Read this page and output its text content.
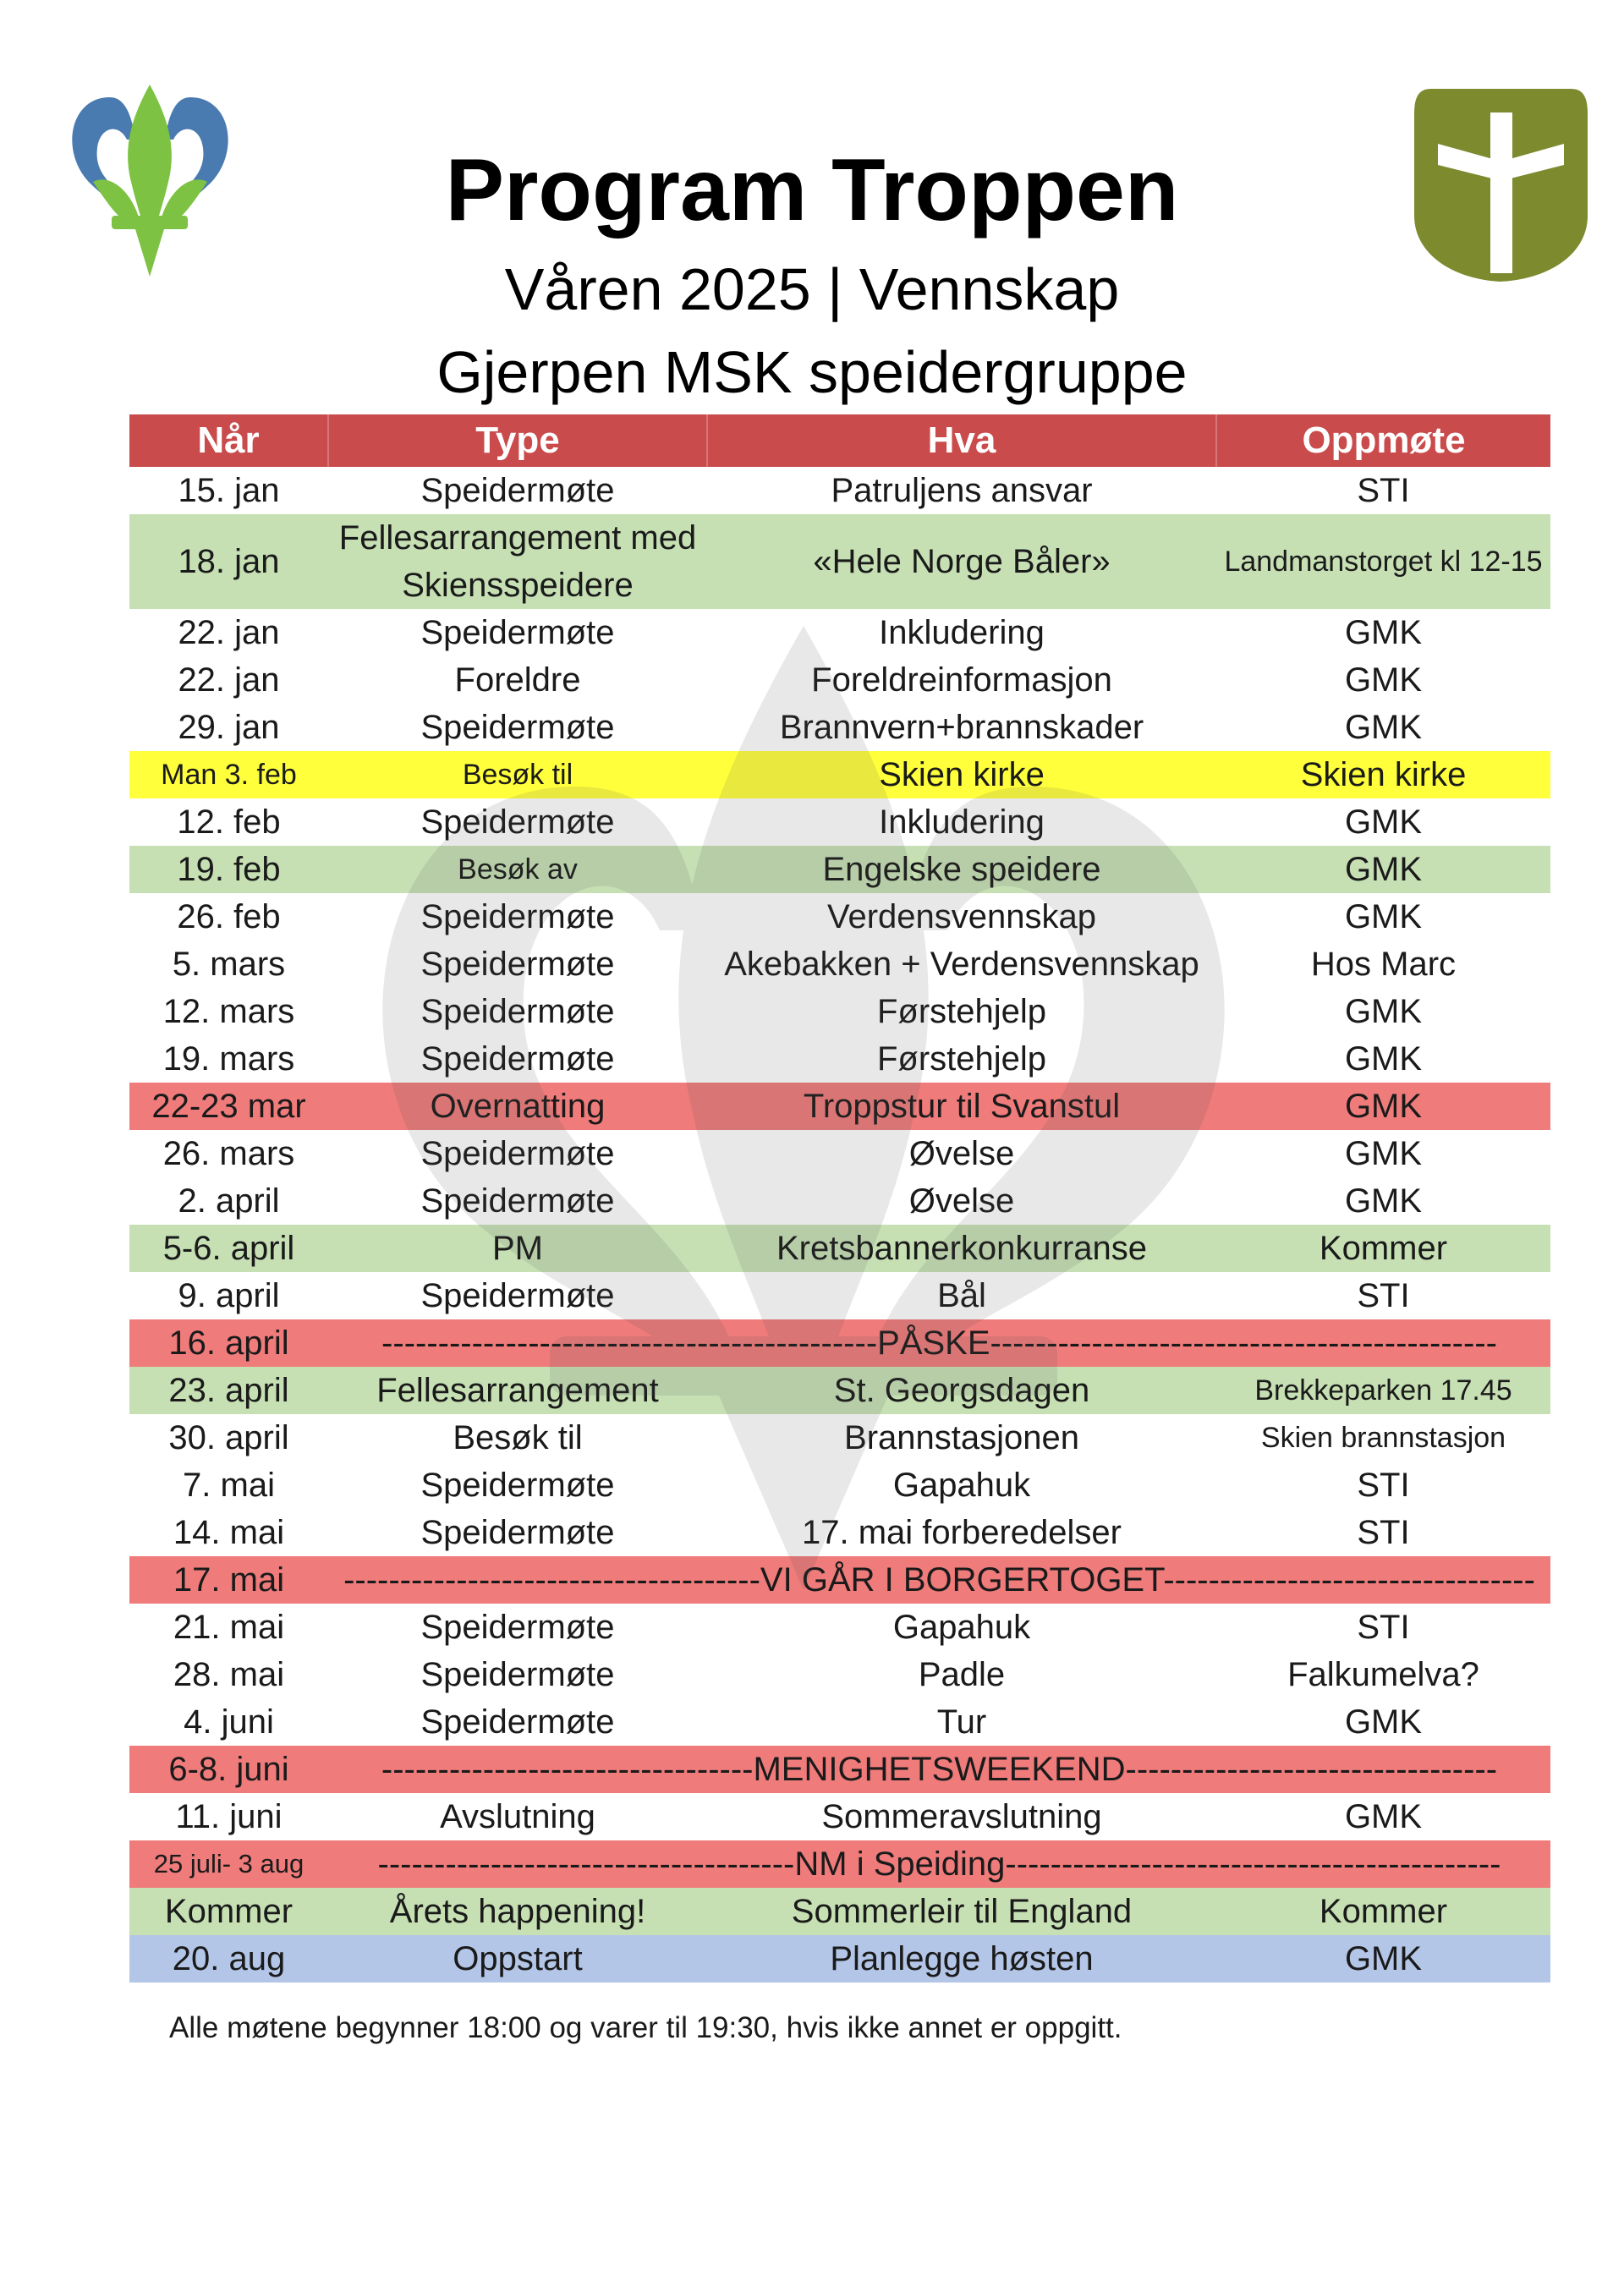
Program Troppen
Våren 2025 | Vennskap
Gjerpen MSK speidergruppe
Når	Type	Hva	Oppmøte
15. jan	Speidermøte	Patruljens ansvar	STI
18. jan	Fellesarrangement med Skiensspeidere	«Hele Norge Båler»	Landmanstorget kl 12-15
22. jan	Speidermøte	Inkludering	GMK
22. jan	Foreldre	Foreldreinformasjon	GMK
29. jan	Speidermøte	Brannvern+brannskader	GMK
Man 3. feb	Besøk til	Skien kirke	Skien kirke
12. feb	Speidermøte	Inkludering	GMK
19. feb	Besøk av	Engelske speidere	GMK
26. feb	Speidermøte	Verdensvennskap	GMK
5. mars	Speidermøte	Akebakken + Verdensvennskap	Hos Marc
12. mars	Speidermøte	Førstehjelp	GMK
19. mars	Speidermøte	Førstehjelp	GMK
22-23 mar	Overnatting	Troppstur til Svanstul	GMK
26. mars	Speidermøte	Øvelse	GMK
2. april	Speidermøte	Øvelse	GMK
5-6. april	PM	Kretsbannerkonkurranse	Kommer
9. april	Speidermøte	Bål	STI
16. april	--------------------------------------------PÅSKE---------------------------------------------		
23. april	Fellesarrangement	St. Georgsdagen	Brekkeparken 17.45
30. april	Besøk til	Brannstasjonen	Skien brannstasjon
7. mai	Speidermøte	Gapahuk	STI
14. mai	Speidermøte	17. mai forberedelser	STI
17. mai	-------------------------------------VI GÅR I BORGERTOGET---------------------------------		
21. mai	Speidermøte	Gapahuk	STI
28. mai	Speidermøte	Padle	Falkumelva?
4. juni	Speidermøte	Tur	GMK
6-8. juni	---------------------------------MENIGHETSWEEKEND---------------------------------		
11. juni	Avslutning	Sommeravslutning	GMK
25 juli- 3 aug	-------------------------------------NM i Speiding--------------------------------------------		
Kommer	Årets happening!	Sommerleir til England	Kommer
20. aug	Oppstart	Planlegge høsten	GMK
Alle møtene begynner 18:00 og varer til 19:30, hvis ikke annet er oppgitt.
